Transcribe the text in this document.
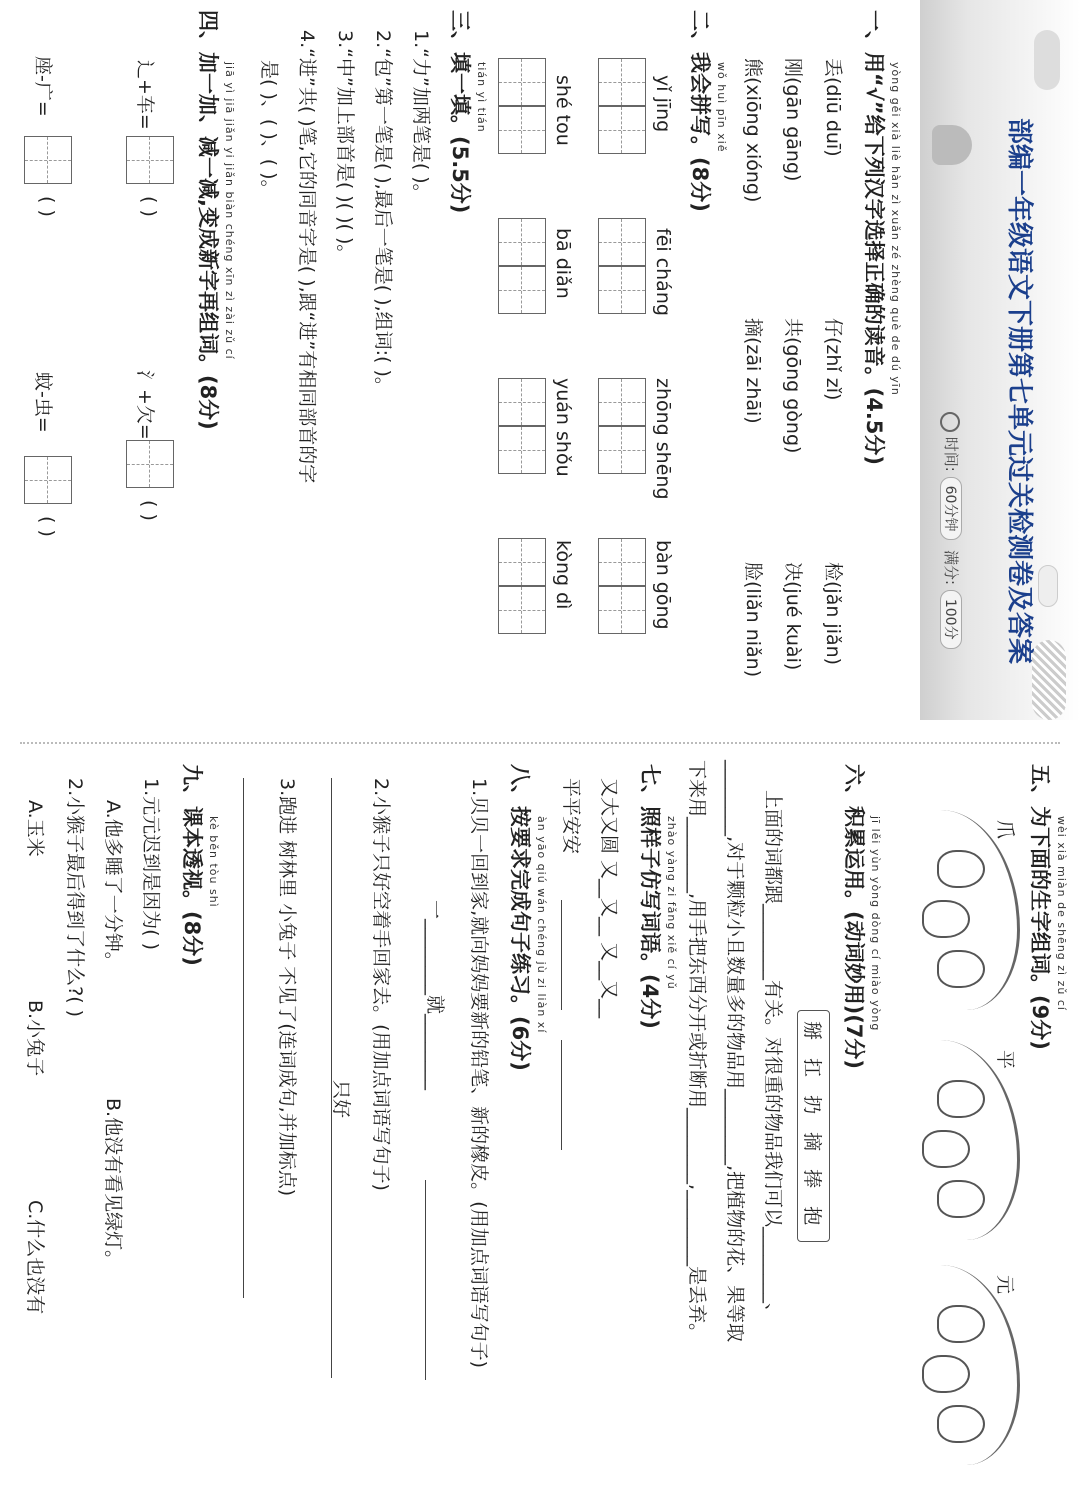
部编一年级语文下册第七单元过关检测卷及答案
时间: 60分钟  满分: 100分
yòng gěi xià liè hàn zì xuǎn zé zhèng què de dú yīn
一、用“√”给下列汉字选择正确的读音。(4.5分)
丢(diū duī)
仔(zhǐ zǐ)
检(jǎn jiǎn)
刚(gān gāng)
共(gōng gòng)
决(jué kuài)
熊(xiōng xióng)
摘(zāi zhāi)
脸(liǎn niǎn)
wǒ huì pīn xiě
二、我会拼写。(8分)
yǐ jīng
fēi cháng
zhōng shēng
bàn gōng
shé tou
bā diǎn
yuán shǒu
kòng dì
tián yì tián
三、填一填。(5.5分)
1.“力”加两笔是( )。
2.“包”第一笔是( ),最后一笔是( ),组词:( )。
3.“中”加上部首是( )( )( )。
4.“进”共( )笔,它的同音字是( ),跟“进”有相同部首的字
是( )、( )、( )。
jiā yì jiā jiǎn yi jiǎn biàn chéng xīn zì zài zǔ cí
四、加一加、减一减,变成新字再组词。(8分)
辶+车=
( )
氵+欠=
( )
座-广=
( )
蚊-虫=
( )
wèi xià miàn de shēng zì zǔ cí
五、为下面的生字组词。(9分)
爪
平
元
jī lěi yùn yòng dòng cí miào yòng
六、积累运用。(动词妙用)(7分)
掰 扛 扔 摘 捧 抱
上面的词都跟________有关。对很重的物品我们可以________、
________,对于颗粒小且数量多的物品用________,把植物的花、果等取
下来用________,用手把东西分开或折断用________,________是丢弃。
zhào yàng zi fǎng xiě cí yǔ
七、照样子仿写词语。(4分)
又大又圆 又__又__ 又__又__
平平安安
àn yāo qiú wán chéng jù zi liàn xí
八、按要求完成句子练习。(6分)
1.贝贝一回到家,就向妈妈要新的铅笔、新的橡皮。(用加点词语写句子)
一________就________
2.小猴子只好空着手回家去。(用加点词语写句子)
只好
3.跑进 树林里 小兔子 不见了(连词成句,并加标点)
kè běn tòu shì
九、课本透视。(8分)
1.元元迟到是因为( )
A.他多睡了一分钟。
B.他没有看见绿灯。
2.小猴子最后得到了什么?( )
A.玉米
B.小兔子
C.什么也没有
